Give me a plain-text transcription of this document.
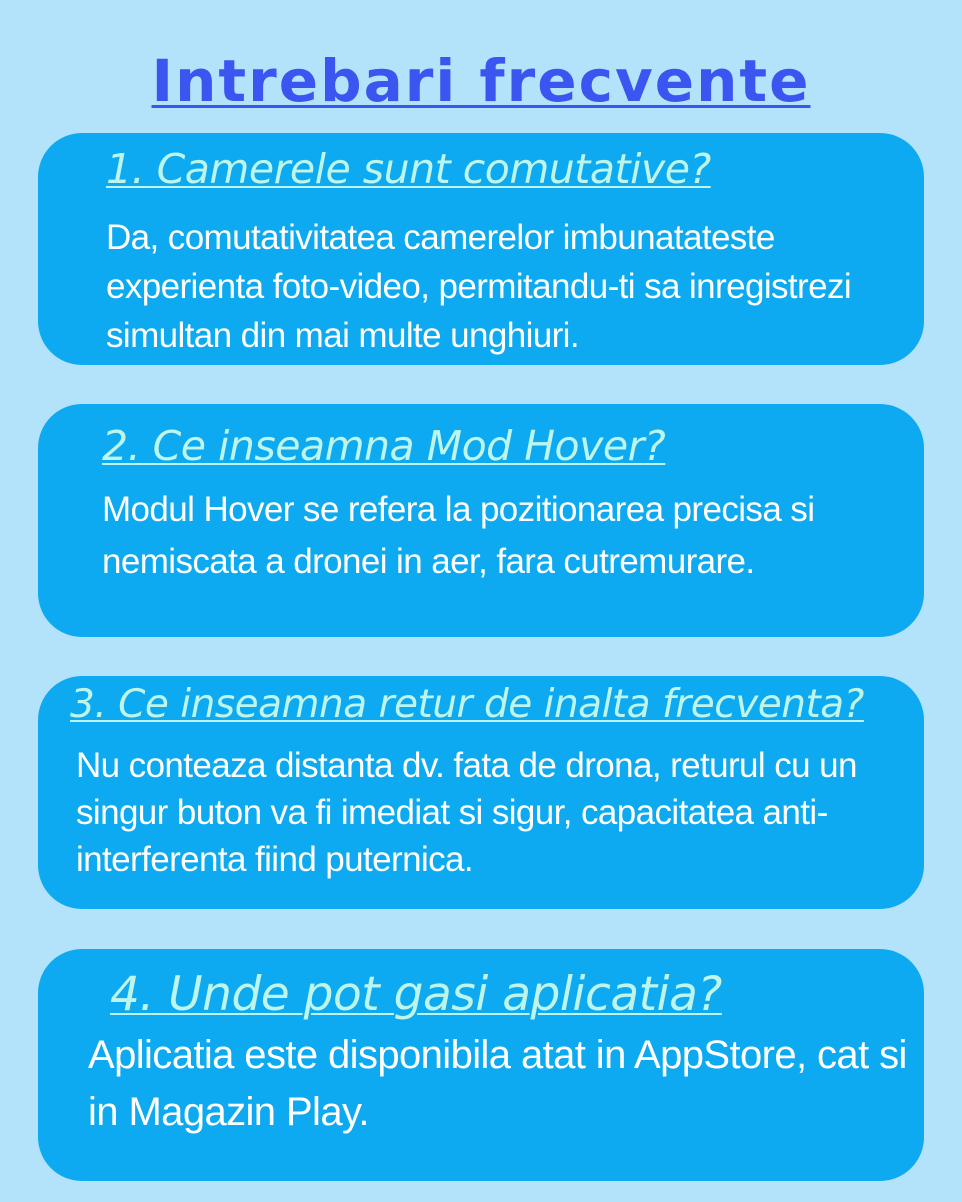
Intrebari frecvente
1. Camerele sunt comutative?

Da, comutativitatea camerelor imbunatateste experienta foto-video, permitandu-ti sa inregistrezi simultan din mai multe unghiuri.

2. Ce inseamna Mod Hover?

Modul Hover se refera la pozitionarea precisa si nemiscata a dronei in aer, fara cutremurare.

3. Ce inseamna retur de inalta frecventa?

Nu conteaza distanta dv. fata de drona, returul cu un singur buton va fi imediat si sigur, capacitatea anti-interferenta fiind puternica.

4. Unde pot gasi aplicatia?

Aplicatia este disponibila atat in AppStore, cat si in Magazin Play.
